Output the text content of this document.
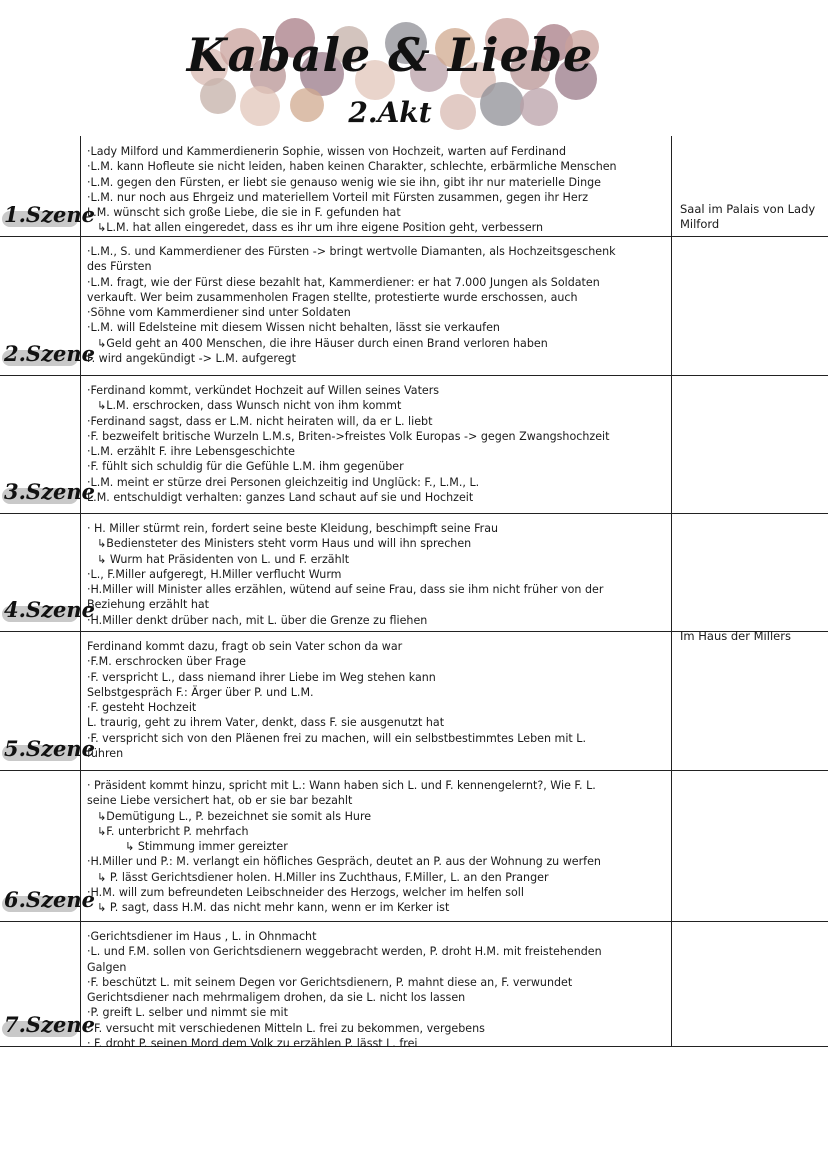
Kabale & Liebe
2.Akt
1.Szene
·Lady Milford und Kammerdienerin Sophie, wissen von Hochzeit, warten auf Ferdinand
·L.M. kann Hofleute sie nicht leiden, haben keinen Charakter, schlechte, erbärmliche Menschen
·L.M. gegen den Fürsten, er liebt sie genauso wenig wie sie ihn, gibt ihr nur materielle Dinge
·L.M. nur noch aus Ehrgeiz und materiellem Vorteil mit Fürsten zusammen, gegen ihr Herz
L.M. wünscht sich große Liebe, die sie in F. gefunden hat
↳L.M. hat allen eingeredet, dass es ihr um ihre eigene Position geht, verbessern
Saal im Palais von Lady Milford
2.Szene
·L.M., S. und Kammerdiener des Fürsten -> bringt wertvolle Diamanten, als Hochzeitsgeschenk
des Fürsten
·L.M. fragt, wie der Fürst diese bezahlt hat, Kammerdiener: er hat 7.000 Jungen als Soldaten
verkauft. Wer beim zusammenholen Fragen stellte, protestierte wurde erschossen, auch
·Söhne vom Kammerdiener sind unter Soldaten
·L.M. will Edelsteine mit diesem Wissen nicht behalten, lässt sie verkaufen
↳Geld geht an 400 Menschen, die ihre Häuser durch einen Brand verloren haben
F. wird angekündigt -> L.M. aufgeregt
3.Szene
·Ferdinand kommt, verkündet Hochzeit auf Willen seines Vaters
↳L.M. erschrocken, dass Wunsch nicht von ihm kommt
·Ferdinand sagst, dass er L.M. nicht heiraten will, da er L. liebt
·F. bezweifelt britische Wurzeln L.M.s, Briten->freistes Volk Europas -> gegen Zwangshochzeit
·L.M. erzählt F. ihre Lebensgeschichte
·F. fühlt sich schuldig für die Gefühle L.M. ihm gegenüber
·L.M. meint er stürze drei Personen gleichzeitig ind Unglück: F., L.M., L.
L.M. entschuldigt verhalten: ganzes Land schaut auf sie und Hochzeit
4.Szene
· H. Miller stürmt rein, fordert seine beste Kleidung, beschimpft seine Frau
↳Bediensteter des Ministers steht vorm Haus und will ihn sprechen
↳ Wurm hat Präsidenten von L. und F. erzählt
·L., F.Miller aufgeregt, H.Miller verflucht Wurm
·H.Miller will Minister alles erzählen, wütend auf seine Frau, dass sie ihm nicht früher von der
Beziehung erzählt hat
·H.Miller denkt drüber nach, mit L. über die Grenze zu fliehen
Im Haus der Millers
5.Szene
Ferdinand kommt dazu, fragt ob sein Vater schon da war
·F.M. erschrocken über Frage
·F. verspricht L., dass niemand ihrer Liebe im Weg stehen kann
Selbstgespräch F.: Ärger über P. und L.M.
·F. gesteht Hochzeit
L. traurig, geht zu ihrem Vater, denkt, dass F. sie ausgenutzt hat
·F. verspricht sich von den Pläenen frei zu machen, will ein selbstbestimmtes Leben mit L.
führen
6.Szene
· Präsident kommt hinzu, spricht mit L.: Wann haben sich L. und F. kennengelernt?, Wie F. L.
seine Liebe versichert hat, ob er sie bar bezahlt
↳Demütigung L., P. bezeichnet sie somit als Hure
↳F. unterbricht P. mehrfach
↳ Stimmung immer gereizter
·H.Miller und P.: M. verlangt ein höfliches Gespräch, deutet an P. aus der Wohnung zu werfen
↳ P. lässt Gerichtsdiener holen. H.Miller ins Zuchthaus, F.Miller, L. an den Pranger
·H.M. will zum befreundeten Leibschneider des Herzogs, welcher im helfen soll
↳ P. sagt, dass H.M. das nicht mehr kann, wenn er im Kerker ist
7.Szene
·Gerichtsdiener im Haus , L. in Ohnmacht
·L. und F.M. sollen von Gerichtsdienern weggebracht werden, P. droht H.M. mit freistehenden
Galgen
·F. beschützt L. mit seinem Degen vor Gerichtsdienern, P. mahnt diese an, F. verwundet
Gerichtsdiener nach mehrmaligem drohen, da sie L. nicht los lassen
·P. greift L. selber und nimmt sie mit
· F. versucht mit verschiedenen Mitteln L. frei zu bekommen, vergebens
· F. droht P. seinen Mord dem Volk zu erzählen P. lässt L. frei
